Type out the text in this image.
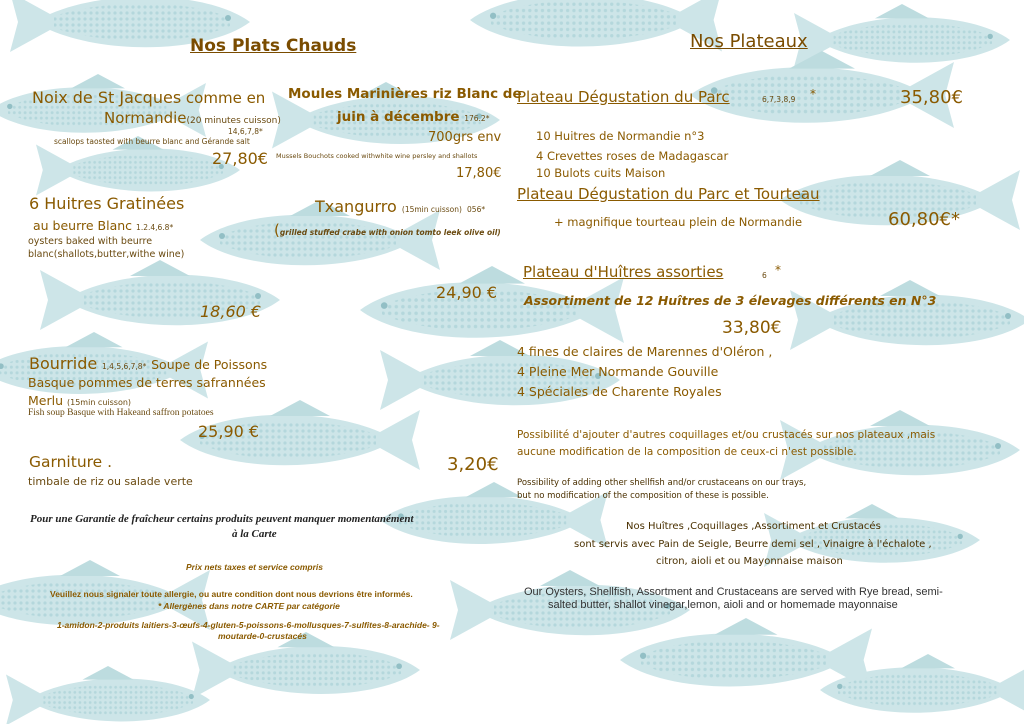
Nos Plats Chauds
Noix de St Jacques comme en
Normandie(20 minutes cuisson)
14,6,7,8*
scallops taosted with beurre blanc and Gérande salt
27,80€
Moules Marinières riz Blanc de
juin à décembre 176.2*
700grs env
Mussels Bouchots cooked withwhite wine persley and shallots
17,80€
6 Huitres Gratinées
au beurre Blanc 1.2.4,6.8*
oysters baked with beurre
blanc(shallots,butter,withe wine)
18,60 €
Txangurro (15min cuisson) 056*
(grilled stuffed crabe with onion tomto leek olive oil)
24,90 €
Bourride 1,4,5,6,7,8* Soupe de Poissons
Basque pommes de terres safrannées
Merlu (15min cuisson)
Fish soup Basque with Hakeand saffron potatoes
25,90 €
Garniture .
timbale de riz ou salade verte
3,20€
Pour une Garantie de fraîcheur certains produits peuvent manquer momentanément
à la Carte
Prix nets taxes et service compris
Veuillez nous signaler toute allergie, ou autre condition dont nous devrions être informés.
* Allergènes dans notre CARTE par catégorie
1-amidon-2-produits laitiers-3-œufs-4-gluten-5-poissons-6-mollusques-7-sulfites-8-arachide- 9-
moutarde-0-crustacés
Nos Plateaux
Plateau Dégustation du Parc	6,7,3,8,9 *	35,80€
10 Huitres de Normandie n°3
4 Crevettes roses de Madagascar
10 Bulots cuits Maison
Plateau Dégustation du Parc et Tourteau
+ magnifique tourteau plein de Normandie	60,80€*
Plateau d'Huîtres assorties	6 *
Assortiment de 12 Huîtres de 3 élevages différents en N°3
33,80€
4 fines de claires de Marennes d'Oléron ,
4 Pleine Mer Normande Gouville
4 Spéciales de Charente Royales
Possibilité d'ajouter d'autres coquillages et/ou crustacés sur nos plateaux ,mais
aucune modification de la composition de ceux-ci n'est possible.
Possibility of adding other shellfish and/or crustaceans on our trays,
but no modification of the composition of these is possible.
Nos Huîtres ,Coquillages ,Assortiment et Crustacés
sont servis avec Pain de Seigle, Beurre demi sel , Vinaigre à l'échalote ,
citron, aioli et ou Mayonnaise maison
Our Oysters, Shellfish, Assortment and Crustaceans are served with Rye bread, semi-
salted butter, shallot vinegar,lemon, aioli and or homemade mayonnaise
